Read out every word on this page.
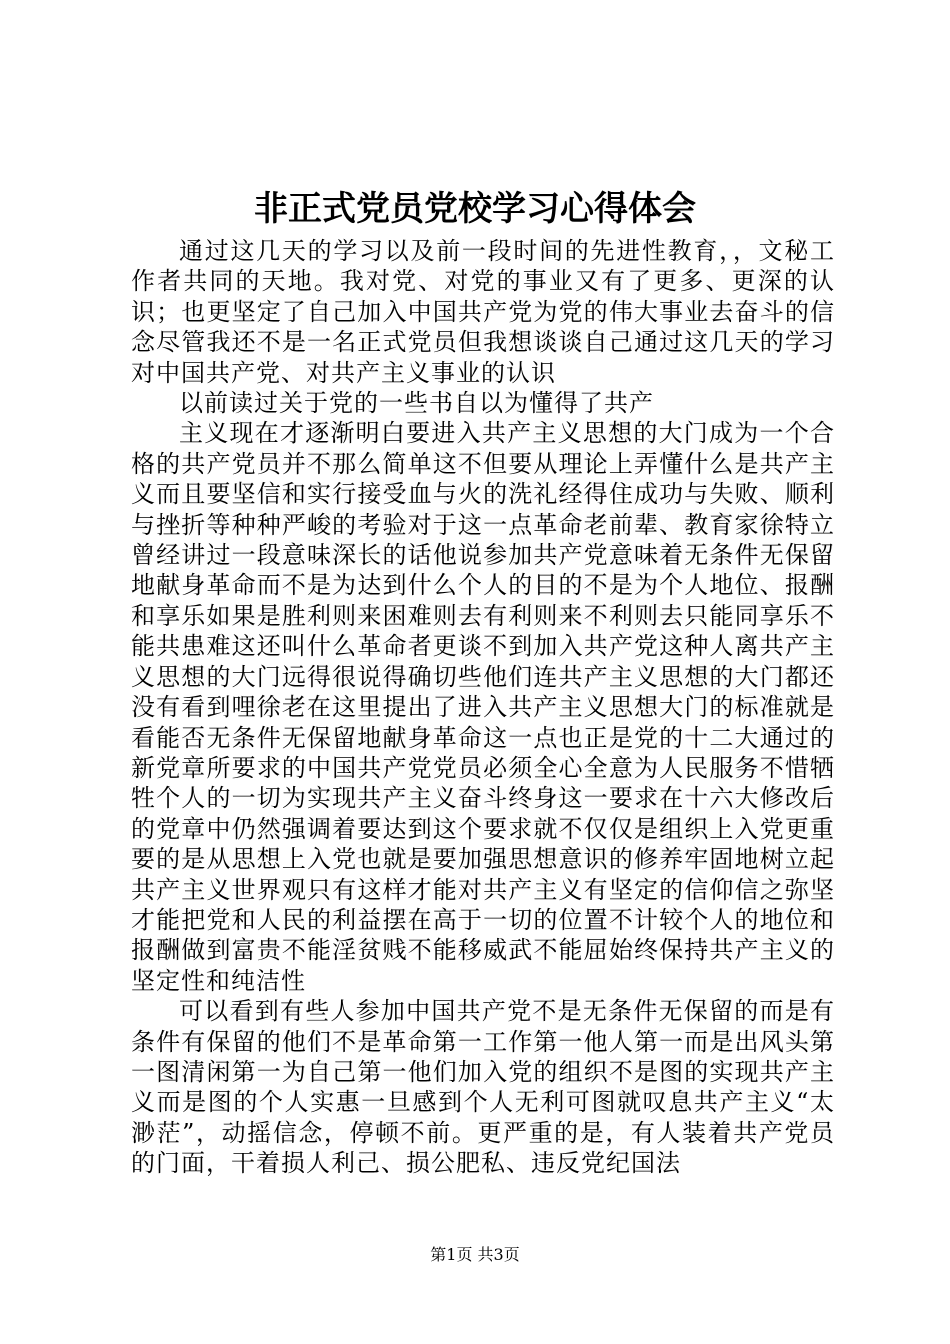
非正式党员党校学习心得体会

通过这几天的学习以及前一段时间的先进性教育，，文秘工作者共同的天地。我对党、对党的事业又有了更多、更深的认识；也更坚定了自己加入中国共产党为党的伟大事业去奋斗的信念尽管我还不是一名正式党员但我想谈谈自己通过这几天的学习对中国共产党、对共产主义事业的认识

以前读过关于党的一些书自以为懂得了共产

主义现在才逐渐明白要进入共产主义思想的大门成为一个合格的共产党员并不那么简单这不但要从理论上弄懂什么是共产主义而且要坚信和实行接受血与火的洗礼经得住成功与失败、顺利与挫折等种种严峻的考验对于这一点革命老前辈、教育家徐特立曾经讲过一段意味深长的话他说参加共产党意味着无条件无保留地献身革命而不是为达到什么个人的目的不是为个人地位、报酬和享乐如果是胜利则来困难则去有利则来不利则去只能同享乐不能共患难这还叫什么革命者更谈不到加入共产党这种人离共产主义思想的大门远得很说得确切些他们连共产主义思想的大门都还没有看到哩徐老在这里提出了进入共产主义思想大门的标准就是看能否无条件无保留地献身革命这一点也正是党的十二大通过的新党章所要求的中国共产党党员必须全心全意为人民服务不惜牺牲个人的一切为实现共产主义奋斗终身这一要求在十六大修改后的党章中仍然强调着要达到这个要求就不仅仅是组织上入党更重要的是从思想上入党也就是要加强思想意识的修养牢固地树立起共产主义世界观只有这样才能对共产主义有坚定的信仰信之弥坚才能把党和人民的利益摆在高于一切的位置不计较个人的地位和报酬做到富贵不能淫贫贱不能移威武不能屈始终保持共产主义的坚定性和纯洁性

可以看到有些人参加中国共产党不是无条件无保留的而是有条件有保留的他们不是革命第一工作第一他人第一而是出风头第一图清闲第一为自己第一他们加入党的组织不是图的实现共产主义而是图的个人实惠一旦感到个人无利可图就叹息共产主义“太渺茫”，动摇信念，停顿不前。更严重的是，有人装着共产党员的门面，干着损人利己、损公肥私、违反党纪国法

第1页 共3页
